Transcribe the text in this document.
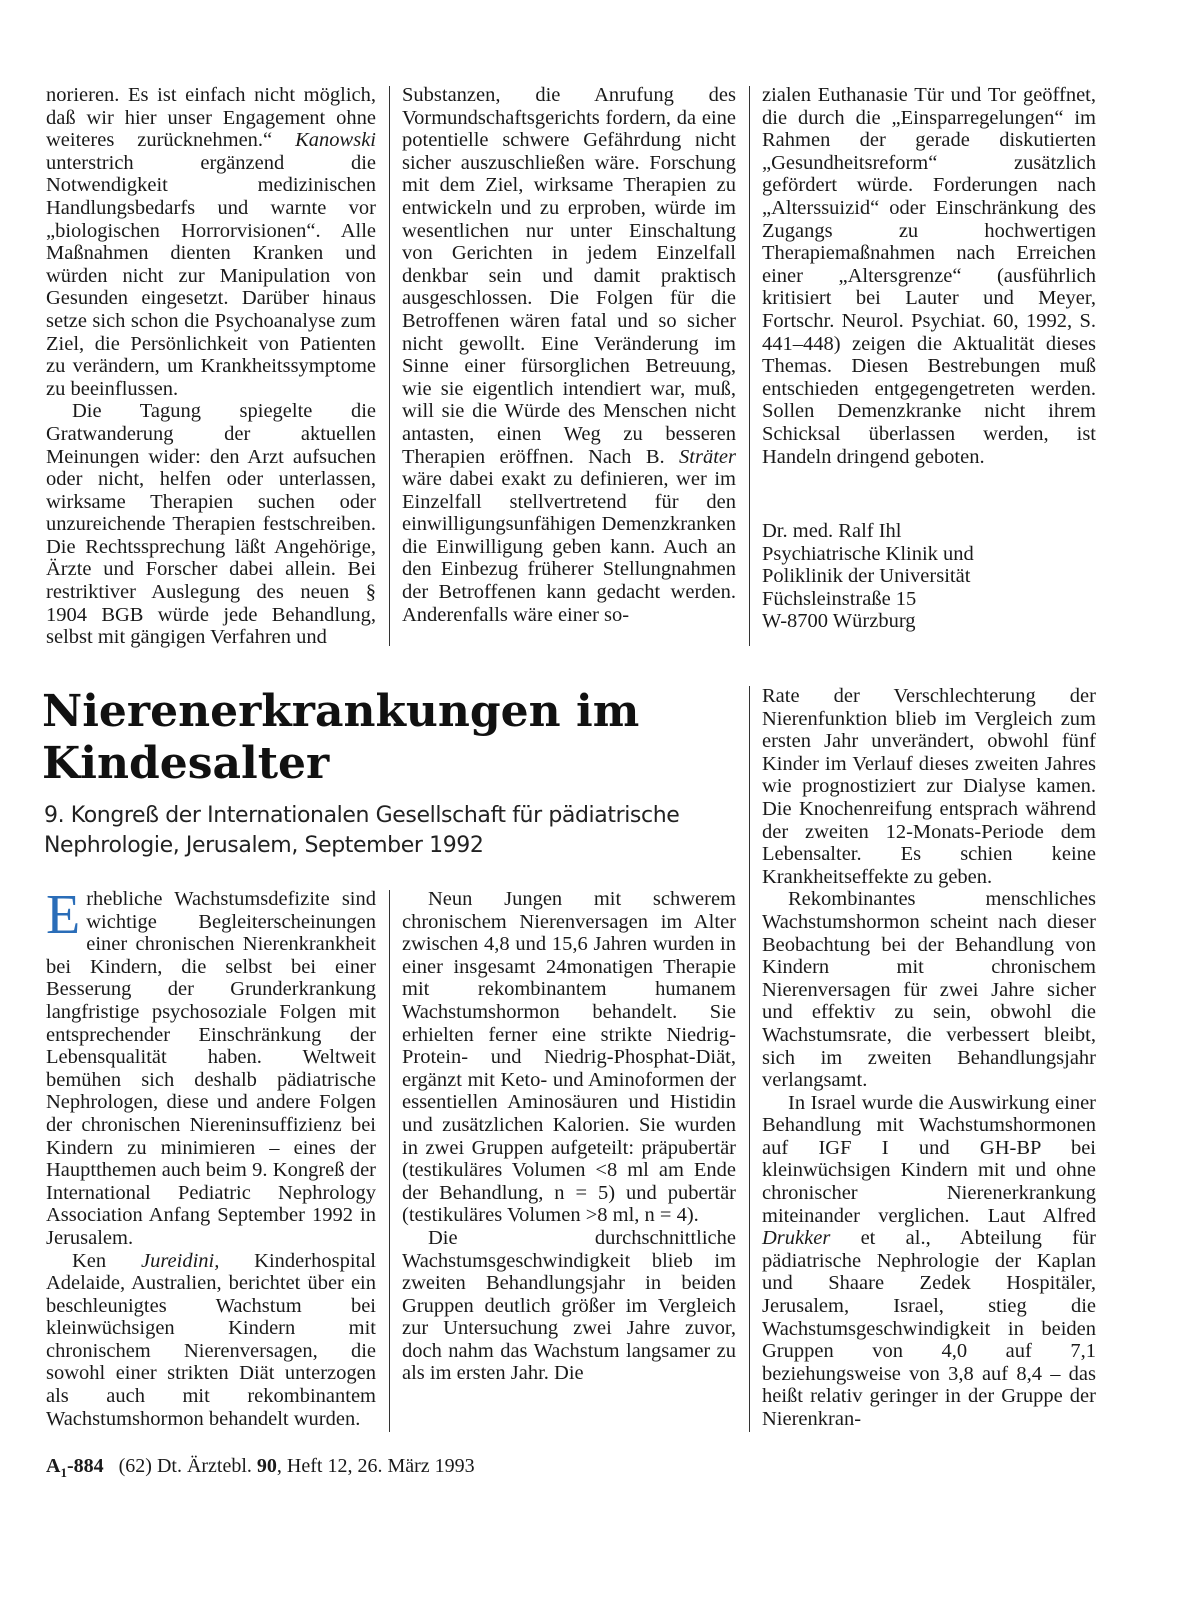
norieren. Es ist einfach nicht möglich, daß wir hier unser Engagement ohne weiteres zurücknehmen.“ Kanowski unterstrich ergänzend die Notwendigkeit medizinischen Handlungsbedarfs und warnte vor „biologischen Horrorvisionen“. Alle Maßnahmen dienten Kranken und würden nicht zur Manipulation von Gesunden eingesetzt. Darüber hinaus setze sich schon die Psychoanalyse zum Ziel, die Persönlichkeit von Patienten zu verändern, um Krankheitssymptome zu beeinflussen.

Die Tagung spiegelte die Gratwanderung der aktuellen Meinungen wider: den Arzt aufsuchen oder nicht, helfen oder unterlassen, wirksame Therapien suchen oder unzureichende Therapien festschreiben. Die Rechtssprechung läßt Angehörige, Ärzte und Forscher dabei allein. Bei restriktiver Auslegung des neuen § 1904 BGB würde jede Behandlung, selbst mit gängigen Verfahren und

Substanzen, die Anrufung des Vormundschaftsgerichts fordern, da eine potentielle schwere Gefährdung nicht sicher auszuschließen wäre. Forschung mit dem Ziel, wirksame Therapien zu entwickeln und zu erproben, würde im wesentlichen nur unter Einschaltung von Gerichten in jedem Einzelfall denkbar sein und damit praktisch ausgeschlossen. Die Folgen für die Betroffenen wären fatal und so sicher nicht gewollt. Eine Veränderung im Sinne einer fürsorglichen Betreuung, wie sie eigentlich intendiert war, muß, will sie die Würde des Menschen nicht antasten, einen Weg zu besseren Therapien eröffnen. Nach B. Sträter wäre dabei exakt zu definieren, wer im Einzelfall stellvertretend für den einwilligungsunfähigen Demenzkranken die Einwilligung geben kann. Auch an den Einbezug früherer Stellungnahmen der Betroffenen kann gedacht werden. Anderenfalls wäre einer so-

zialen Euthanasie Tür und Tor geöffnet, die durch die „Einsparregelungen“ im Rahmen der gerade diskutierten „Gesundheitsreform“ zusätzlich gefördert würde. Forderungen nach „Alterssuizid“ oder Einschränkung des Zugangs zu hochwertigen Therapiemaßnahmen nach Erreichen einer „Altersgrenze“ (ausführlich kritisiert bei Lauter und Meyer, Fortschr. Neurol. Psychiat. 60, 1992, S. 441–448) zeigen die Aktualität dieses Themas. Diesen Bestrebungen muß entschieden entgegengetreten werden. Sollen Demenzkranke nicht ihrem Schicksal überlassen werden, ist Handeln dringend geboten.

Dr. med. Ralf Ihl
Psychiatrische Klinik und
Poliklinik der Universität
Füchsleinstraße 15
W-8700 Würzburg

Nierenerkrankungen im Kindesalter
9. Kongreß der Internationalen Gesellschaft für pädiatrische Nephrologie, Jerusalem, September 1992

Erhebliche Wachstumsdefizite sind wichtige Begleiterscheinungen einer chronischen Nierenkrankheit bei Kindern, die selbst bei einer Besserung der Grunderkrankung langfristige psychosoziale Folgen mit entsprechender Einschränkung der Lebensqualität haben. Weltweit bemühen sich deshalb pädiatrische Nephrologen, diese und andere Folgen der chronischen Niereninsuffizienz bei Kindern zu minimieren – eines der Hauptthemen auch beim 9. Kongreß der International Pediatric Nephrology Association Anfang September 1992 in Jerusalem.

Ken Jureidini, Kinderhospital Adelaide, Australien, berichtet über ein beschleunigtes Wachstum bei kleinwüchsigen Kindern mit chronischem Nierenversagen, die sowohl einer strikten Diät unterzogen als auch mit rekombinantem Wachstumshormon behandelt wurden.

Neun Jungen mit schwerem chronischem Nierenversagen im Alter zwischen 4,8 und 15,6 Jahren wurden in einer insgesamt 24monatigen Therapie mit rekombinantem humanem Wachstumshormon behandelt. Sie erhielten ferner eine strikte Niedrig-Protein- und Niedrig-Phosphat-Diät, ergänzt mit Keto- und Aminoformen der essentiellen Aminosäuren und Histidin und zusätzlichen Kalorien. Sie wurden in zwei Gruppen aufgeteilt: präpubertär (testikuläres Volumen <8 ml am Ende der Behandlung, n = 5) und pubertär (testikuläres Volumen >8 ml, n = 4).

Die durchschnittliche Wachstumsgeschwindigkeit blieb im zweiten Behandlungsjahr in beiden Gruppen deutlich größer im Vergleich zur Untersuchung zwei Jahre zuvor, doch nahm das Wachstum langsamer zu als im ersten Jahr. Die

Rate der Verschlechterung der Nierenfunktion blieb im Vergleich zum ersten Jahr unverändert, obwohl fünf Kinder im Verlauf dieses zweiten Jahres wie prognostiziert zur Dialyse kamen. Die Knochenreifung entsprach während der zweiten 12-Monats-Periode dem Lebensalter. Es schien keine Krankheitseffekte zu geben.

Rekombinantes menschliches Wachstumshormon scheint nach dieser Beobachtung bei der Behandlung von Kindern mit chronischem Nierenversagen für zwei Jahre sicher und effektiv zu sein, obwohl die Wachstumsrate, die verbessert bleibt, sich im zweiten Behandlungsjahr verlangsamt.

In Israel wurde die Auswirkung einer Behandlung mit Wachstumshormonen auf IGF I und GH-BP bei kleinwüchsigen Kindern mit und ohne chronischer Nierenerkrankung miteinander verglichen. Laut Alfred Drukker et al., Abteilung für pädiatrische Nephrologie der Kaplan und Shaare Zedek Hospitäler, Jerusalem, Israel, stieg die Wachstumsgeschwindigkeit in beiden Gruppen von 4,0 auf 7,1 beziehungsweise von 3,8 auf 8,4 – das heißt relativ geringer in der Gruppe der Nierenkran-

$A_1-884$ (62) Dt. Ärztebl. 90, Heft 12, 26. März 1993
